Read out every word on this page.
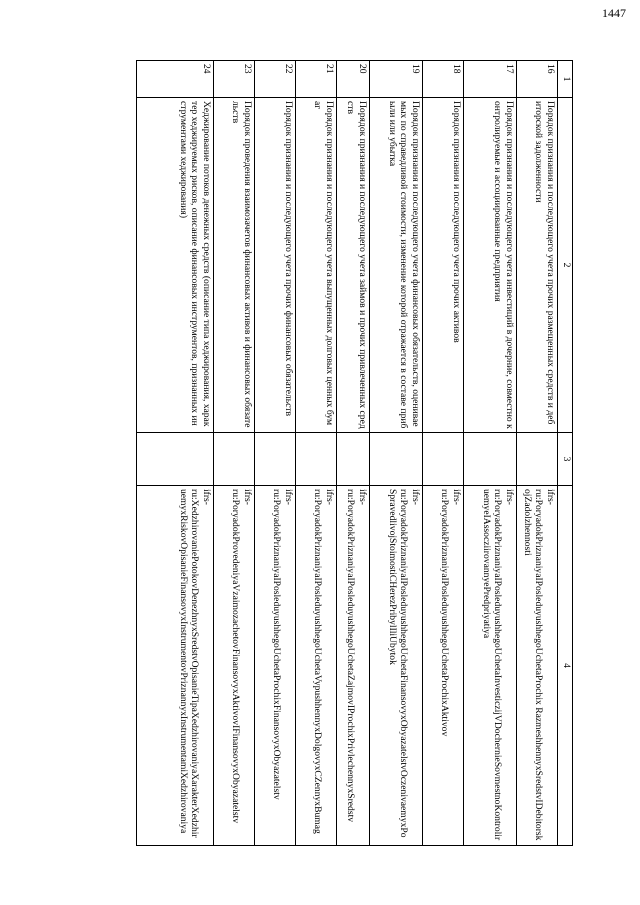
1447
1	2	3	4
16	Порядок признания и последующего учета прочих размещенных средств и дебиторской задолженности		ifrs-
ru:PoryadokPriznaniyaIPosleduyushhegoUchetaProchix RazmeshhennyxSredstvIDebitorskojZadolzhennosti
17	Порядок признания и последующего учета инвестиций в дочерние, совместно контролируемые и ассоциированные предприятия		ifrs-
ru:PoryadokPriznaniyaIPosleduyushhegoUchetaInvesticzijVDochernieSovmestnoKontroliruemyeIAssocziirovannyePredpriyatiya
18	Порядок признания и последующего учета прочих активов		ifrs-
ru:PoryadokPriznaniyaIPosleduyushhegoUchetaProchixAktivov
19	Порядок признания и последующего учета финансовых обязательств, оцениваемых по справедливой стоимости, изменение которой отражается в составе прибыли или убытка		ifrs-
ru:PoryadokPriznaniyaIPosleduyushhegoUchetaFinansovyxObyazatelstvOczenivaemyxPoSpravedlivojStoimostiCHerezPribylIliUbytok
20	Порядок признания и последующего учета займов и прочих привлеченных средств		ifrs-
ru:PoryadokPriznaniyaIPosleduyushhegoUchetaZajmovIProchixPrivlechennyxSredstv
21	Порядок признания и последующего учета выпущенных долговых ценных бумаг		ifrs-
ru:PoryadokPriznaniyaIPosleduyushhegoUchetaVypushhennyxDolgovyxCZennyxBumag
22	Порядок признания и последующего учета прочих финансовых обязательств		ifrs-
ru:PoryadokPriznaniyaIPosleduyushhegoUchetaProchixFinansovyxObyazatelstv
23	Порядок проведения взаимозачетов финансовых активов и финансовых обязательств		ifrs-
ru:PoryadokProvedeniyaVzaimozachetovFinansovyxAktivovIFinansovyxObyazatelstv
24	Хеджирование потоков денежных средств (описание типа хеджирования, характер хеджируемых рисков, описание финансовых инструментов, признанных инструментами хеджирования)		ifrs-
ru:XedzhirovaniePotokovDenezhnyxSredstvOpisanieTipaXedzhirovaniyaXarakterXedzhiruemyxRiskovOpisanieFinansovyxInstrumentovPriznannyxInstrumentamiXedzhirovaniya
